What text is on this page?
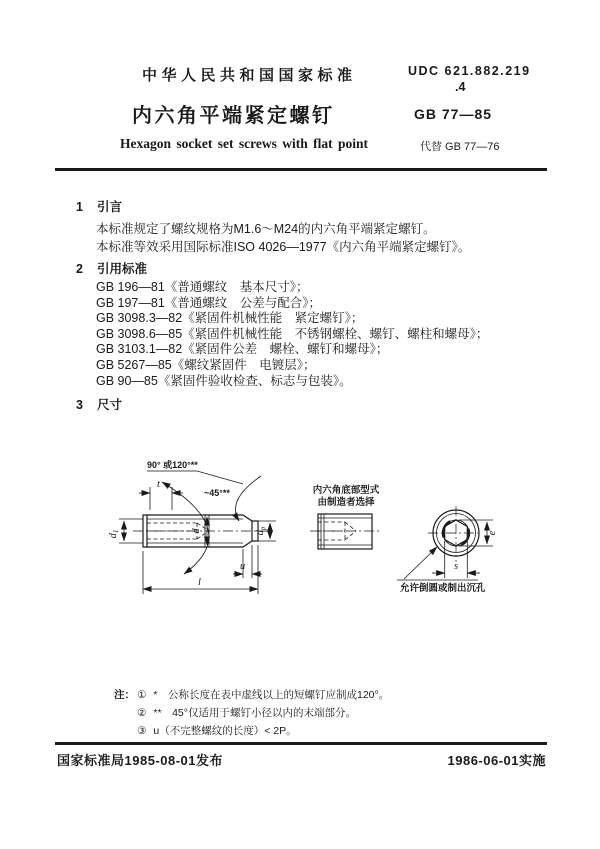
中华人民共和国国家标准	UDC 621.882.219
.4
内六角平端紧定螺钉	GB 77—85
Hexagon socket set screws with flat point	代替 GB 77—76
1 引言
本标准规定了螺纹规格为M1.6～M24的内六角平端紧定螺钉。
本标准等效采用国际标准ISO 4026—1977《内六角平端紧定螺钉》。
2 引用标准
GB 196—81《普通螺纹　基本尺寸》；
GB 197—81《普通螺纹　公差与配合》；
GB 3098.3—82《紧固件机械性能　紧定螺钉》；
GB 3098.6—85《紧固件机械性能　不锈钢螺栓、螺钉、螺柱和螺母》；
GB 3103.1—82《紧固件公差　螺栓、螺钉和螺母》；
GB 5267—85《螺纹紧固件　电镀层》；
GB 90—85《紧固件验收检查、标志与包装》。
3 尺寸
t
d1	d	dp
u
l
90° 或120°**
~45°**	内六角底部型式
由制造者选择
e
s
允许倒圆或制出沉孔
注： ① *　公称长度在表中虚线以上的短螺钉应制成120°。
② **　45°仅适用于螺钉小径以内的末端部分。
③ u（不完整螺纹的长度）< 2P。
国家标准局1985-08-01发布	1986-06-01实施
